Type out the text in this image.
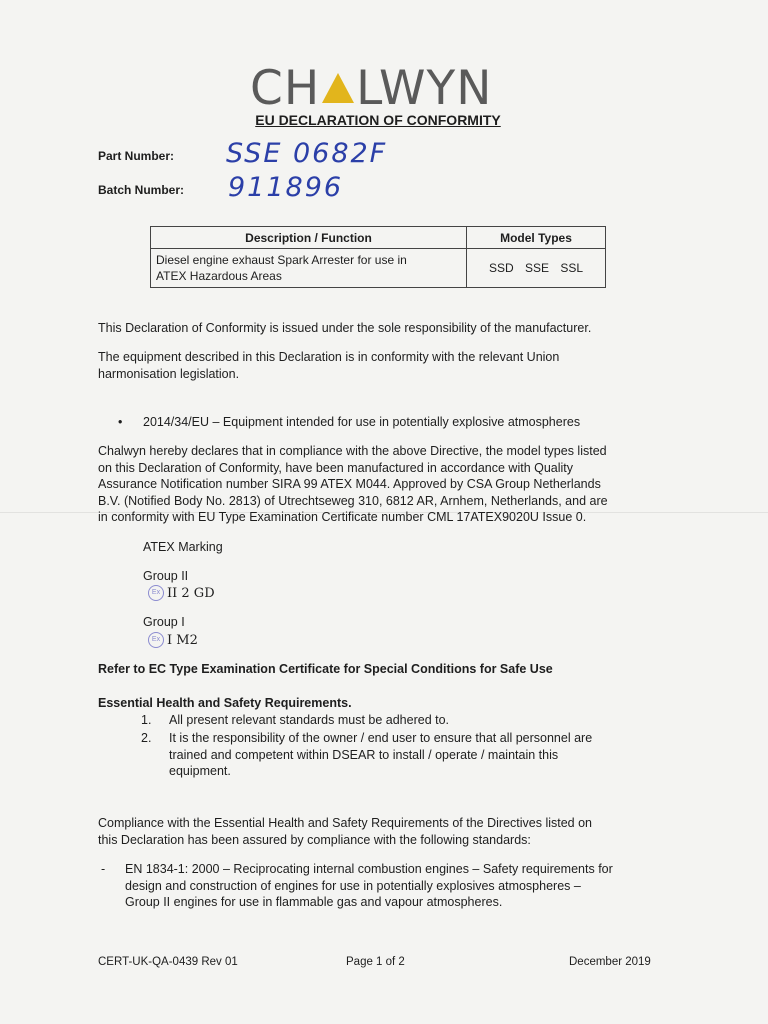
CH LWYN
EU DECLARATION OF CONFORMITY
Part Number: SSE 0682F
Batch Number: 911896
Description / Function	Model Types
Diesel engine exhaust Spark Arrester for use in
ATEX Hazardous Areas	SSD SSE SSL
This Declaration of Conformity is issued under the sole responsibility of the manufacturer.
The equipment described in this Declaration is in conformity with the relevant Union
harmonisation legislation.
• 2014/34/EU – Equipment intended for use in potentially explosive atmospheres
Chalwyn hereby declares that in compliance with the above Directive, the model types listed
on this Declaration of Conformity, have been manufactured in accordance with Quality
Assurance Notification number SIRA 99 ATEX M044. Approved by CSA Group Netherlands
B.V. (Notified Body No. 2813) of Utrechtseweg 310, 6812 AR, Arnhem, Netherlands, and are
in conformity with EU Type Examination Certificate number CML 17ATEX9020U Issue 0.
ATEX Marking
Group II
Ex II 2 GD
Group I
Ex I M2
Refer to EC Type Examination Certificate for Special Conditions for Safe Use
Essential Health and Safety Requirements.
1. All present relevant standards must be adhered to.
2. It is the responsibility of the owner / end user to ensure that all personnel are
trained and competent within DSEAR to install / operate / maintain this
equipment.
Compliance with the Essential Health and Safety Requirements of the Directives listed on
this Declaration has been assured by compliance with the following standards:
- EN 1834-1: 2000 – Reciprocating internal combustion engines – Safety requirements for
design and construction of engines for use in potentially explosives atmospheres –
Group II engines for use in flammable gas and vapour atmospheres.
CERT-UK-QA-0439 Rev 01	Page 1 of 2	December 2019
